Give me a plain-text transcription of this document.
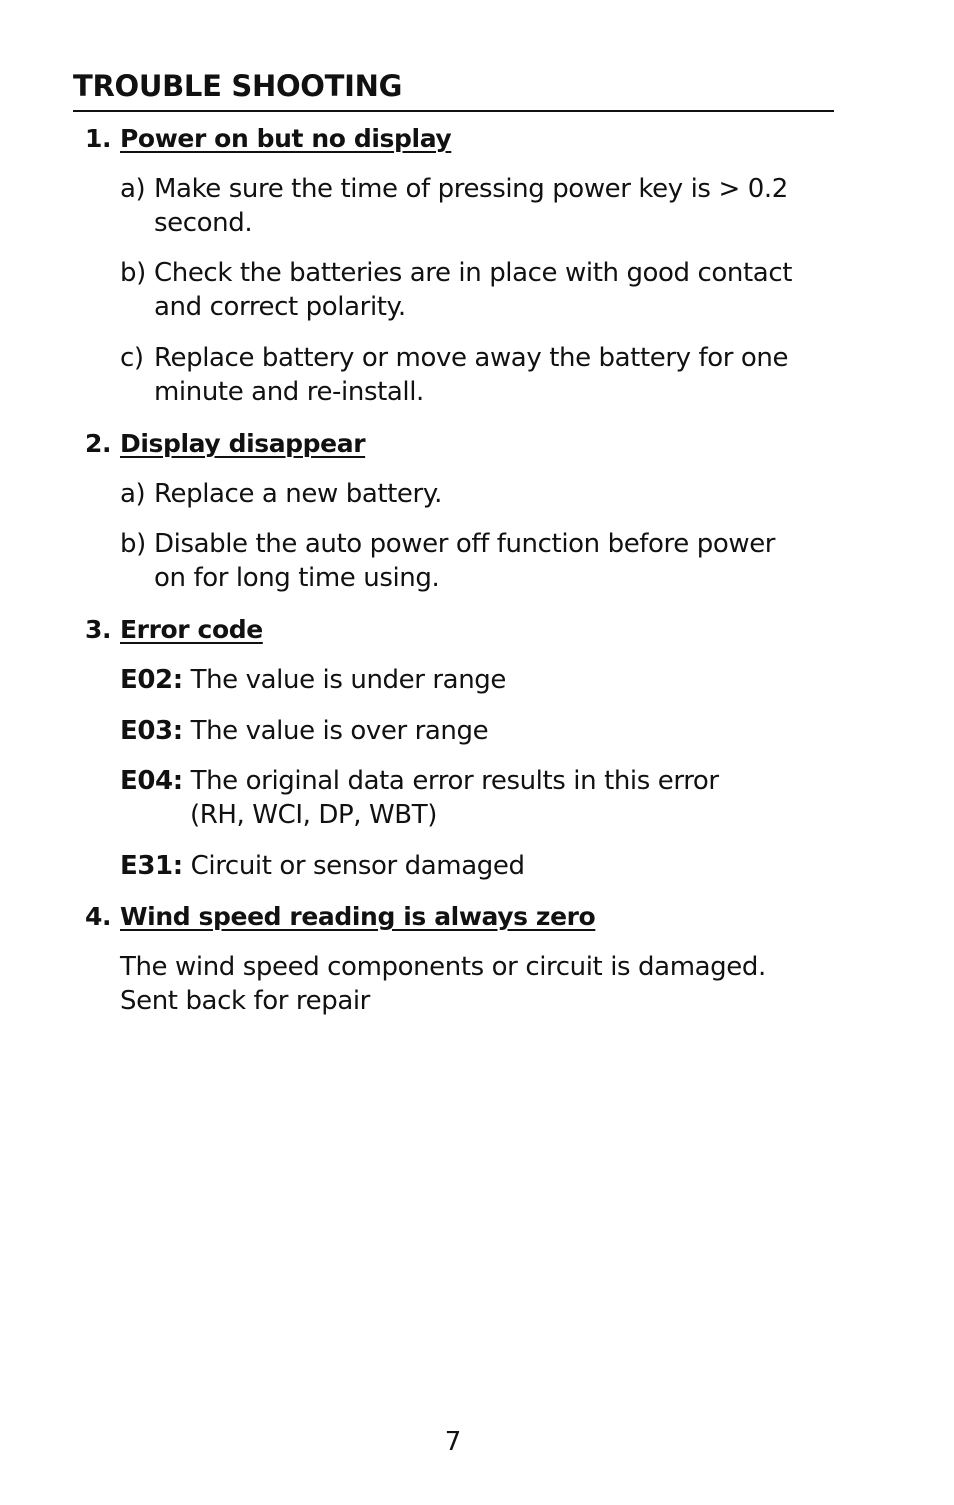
TROUBLE SHOOTING
1. Power on but no display
a) Make sure the time of pressing power key is > 0.2
second.
b) Check the batteries are in place with good contact
and correct polarity.
c) Replace battery or move away the battery for one
minute and re-install.
2. Display disappear
a) Replace a new battery.
b) Disable the auto power off function before power
on for long time using.
3. Error code
E02: The value is under range
E03: The value is over range
E04: The original data error results in this error
(RH, WCI, DP, WBT)
E31: Circuit or sensor damaged
4. Wind speed reading is always zero
The wind speed components or circuit is damaged.
Sent back for repair
7
